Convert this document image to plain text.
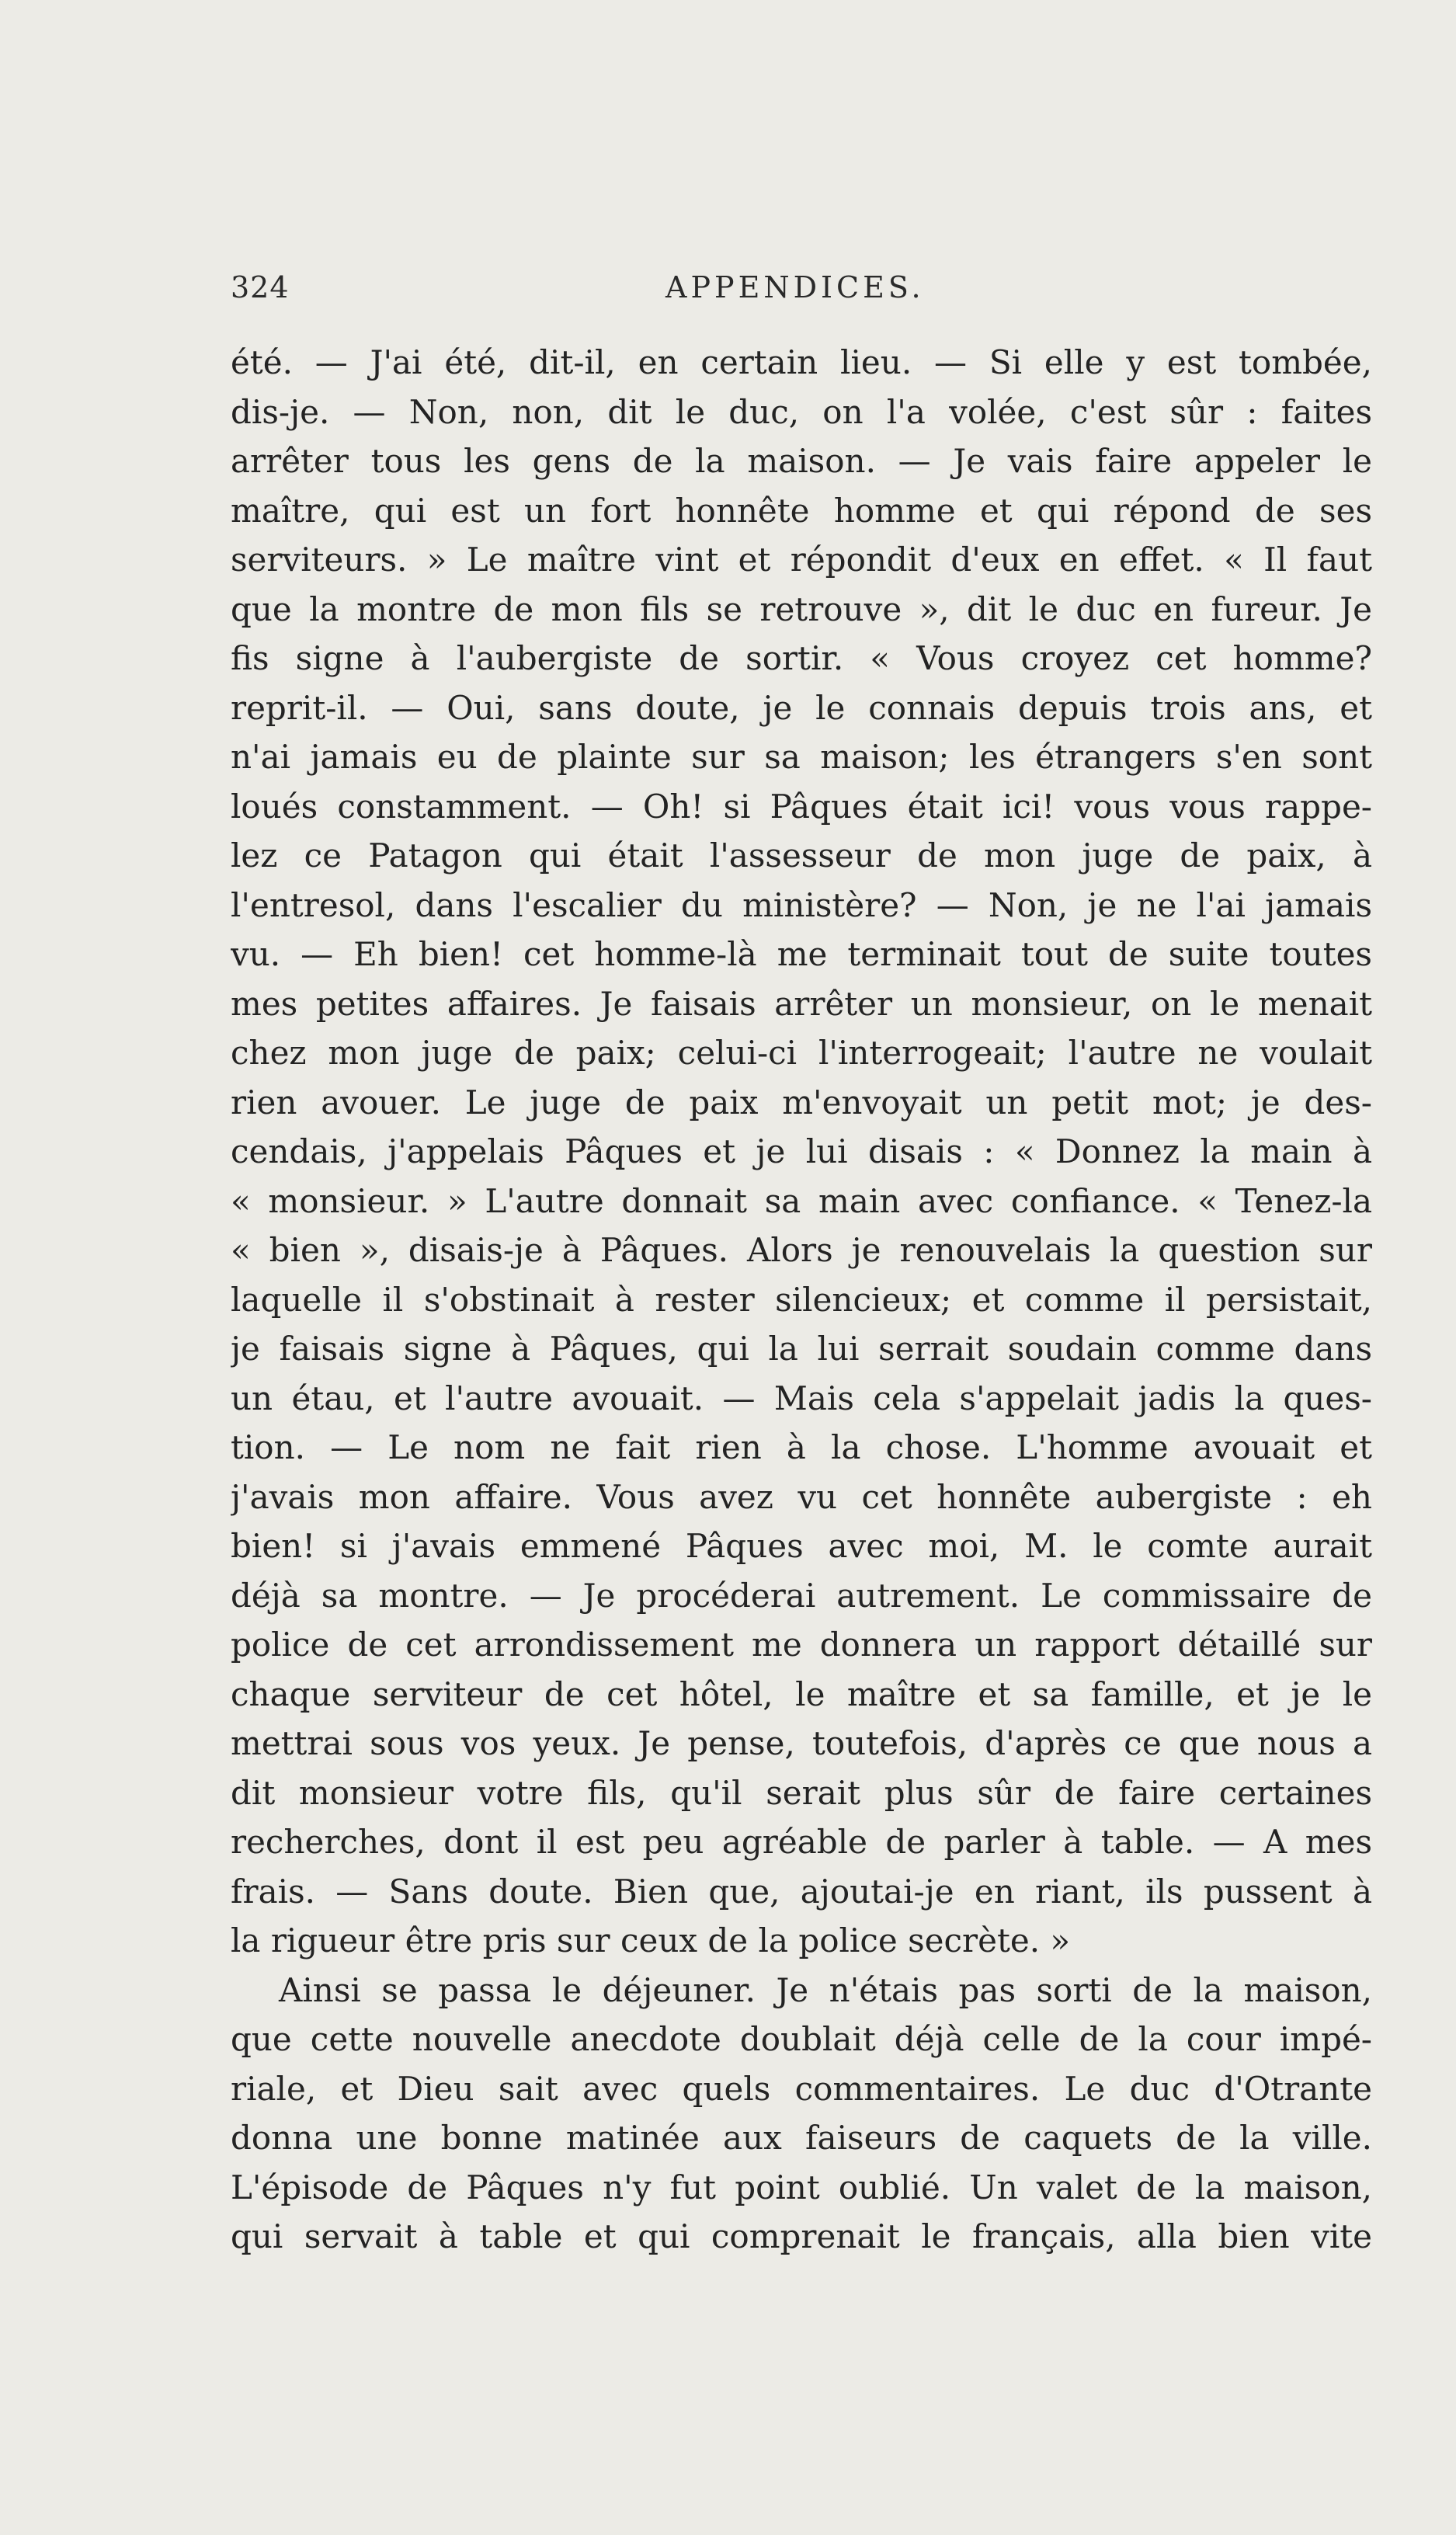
324	APPENDICES.
été. — J'ai été, dit-il, en certain lieu. — Si elle y est tombée,
dis-je. — Non, non, dit le duc, on l'a volée, c'est sûr : faites
arrêter tous les gens de la maison. — Je vais faire appeler le
maître, qui est un fort honnête homme et qui répond de ses
serviteurs. » Le maître vint et répondit d'eux en effet. « Il faut
que la montre de mon fils se retrouve », dit le duc en fureur. Je
fis signe à l'aubergiste de sortir. « Vous croyez cet homme?
reprit-il. — Oui, sans doute, je le connais depuis trois ans, et
n'ai jamais eu de plainte sur sa maison; les étrangers s'en sont
loués constamment. — Oh! si Pâques était ici! vous vous rappe-
lez ce Patagon qui était l'assesseur de mon juge de paix, à
l'entresol, dans l'escalier du ministère? — Non, je ne l'ai jamais
vu. — Eh bien! cet homme-là me terminait tout de suite toutes
mes petites affaires. Je faisais arrêter un monsieur, on le menait
chez mon juge de paix; celui-ci l'interrogeait; l'autre ne voulait
rien avouer. Le juge de paix m'envoyait un petit mot; je des-
cendais, j'appelais Pâques et je lui disais : « Donnez la main à
« monsieur. » L'autre donnait sa main avec confiance. « Tenez-la
« bien », disais-je à Pâques. Alors je renouvelais la question sur
laquelle il s'obstinait à rester silencieux; et comme il persistait,
je faisais signe à Pâques, qui la lui serrait soudain comme dans
un étau, et l'autre avouait. — Mais cela s'appelait jadis la ques-
tion. — Le nom ne fait rien à la chose. L'homme avouait et
j'avais mon affaire. Vous avez vu cet honnête aubergiste : eh
bien! si j'avais emmené Pâques avec moi, M. le comte aurait
déjà sa montre. — Je procéderai autrement. Le commissaire de
police de cet arrondissement me donnera un rapport détaillé sur
chaque serviteur de cet hôtel, le maître et sa famille, et je le
mettrai sous vos yeux. Je pense, toutefois, d'après ce que nous a
dit monsieur votre fils, qu'il serait plus sûr de faire certaines
recherches, dont il est peu agréable de parler à table. — A mes
frais. — Sans doute. Bien que, ajoutai-je en riant, ils pussent à
la rigueur être pris sur ceux de la police secrète. »
Ainsi se passa le déjeuner. Je n'étais pas sorti de la maison,
que cette nouvelle anecdote doublait déjà celle de la cour impé-
riale, et Dieu sait avec quels commentaires. Le duc d'Otrante
donna une bonne matinée aux faiseurs de caquets de la ville.
L'épisode de Pâques n'y fut point oublié. Un valet de la maison,
qui servait à table et qui comprenait le français, alla bien vite
